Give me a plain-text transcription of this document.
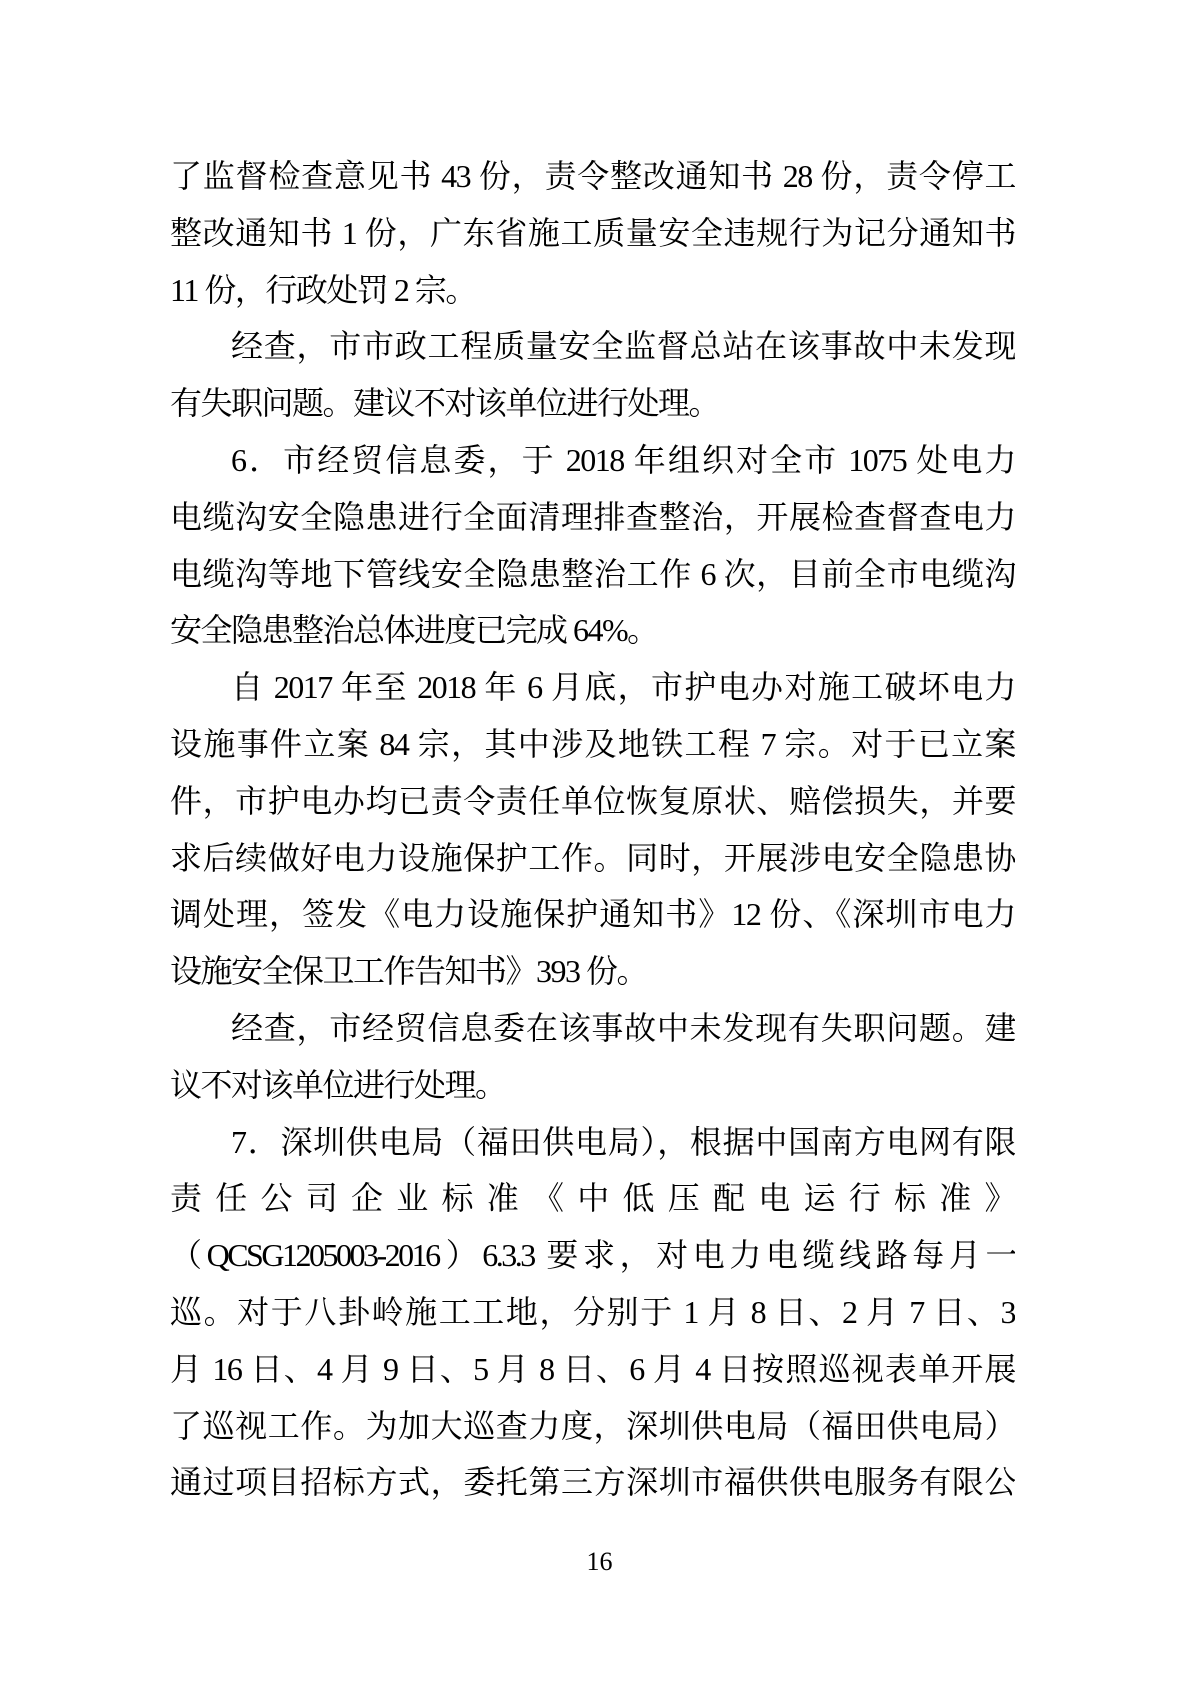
了监督检查意见书 43 份，责令整改通知书 28 份，责令停工
整改通知书 1 份，广东省施工质量安全违规行为记分通知书
11 份，行政处罚 2 宗。
经查，市市政工程质量安全监督总站在该事故中未发现
有失职问题。建议不对该单位进行处理。
6．市经贸信息委，于 2018 年组织对全市 1075 处电力
电缆沟安全隐患进行全面清理排查整治，开展检查督查电力
电缆沟等地下管线安全隐患整治工作 6 次，目前全市电缆沟
安全隐患整治总体进度已完成 64%。
自 2017 年至 2018 年 6 月底，市护电办对施工破坏电力
设施事件立案 84 宗，其中涉及地铁工程 7 宗。对于已立案
件，市护电办均已责令责任单位恢复原状、赔偿损失，并要
求后续做好电力设施保护工作。同时，开展涉电安全隐患协
调处理，签发《电力设施保护通知书》12 份、《深圳市电力
设施安全保卫工作告知书》393 份。
经查，市经贸信息委在该事故中未发现有失职问题。建
议不对该单位进行处理。
7．深圳供电局（福田供电局），根据中国南方电网有限
责任公司企业标准《中低压配电运行标准》
（QCSG1205003-2016）6.3.3 要求，对电力电缆线路每月一
巡。对于八卦岭施工工地，分别于 1 月 8 日、2 月 7 日、3
月 16 日、4 月 9 日、5 月 8 日、6 月 4 日按照巡视表单开展
了巡视工作。为加大巡查力度，深圳供电局（福田供电局）
通过项目招标方式，委托第三方深圳市福供供电服务有限公
16
